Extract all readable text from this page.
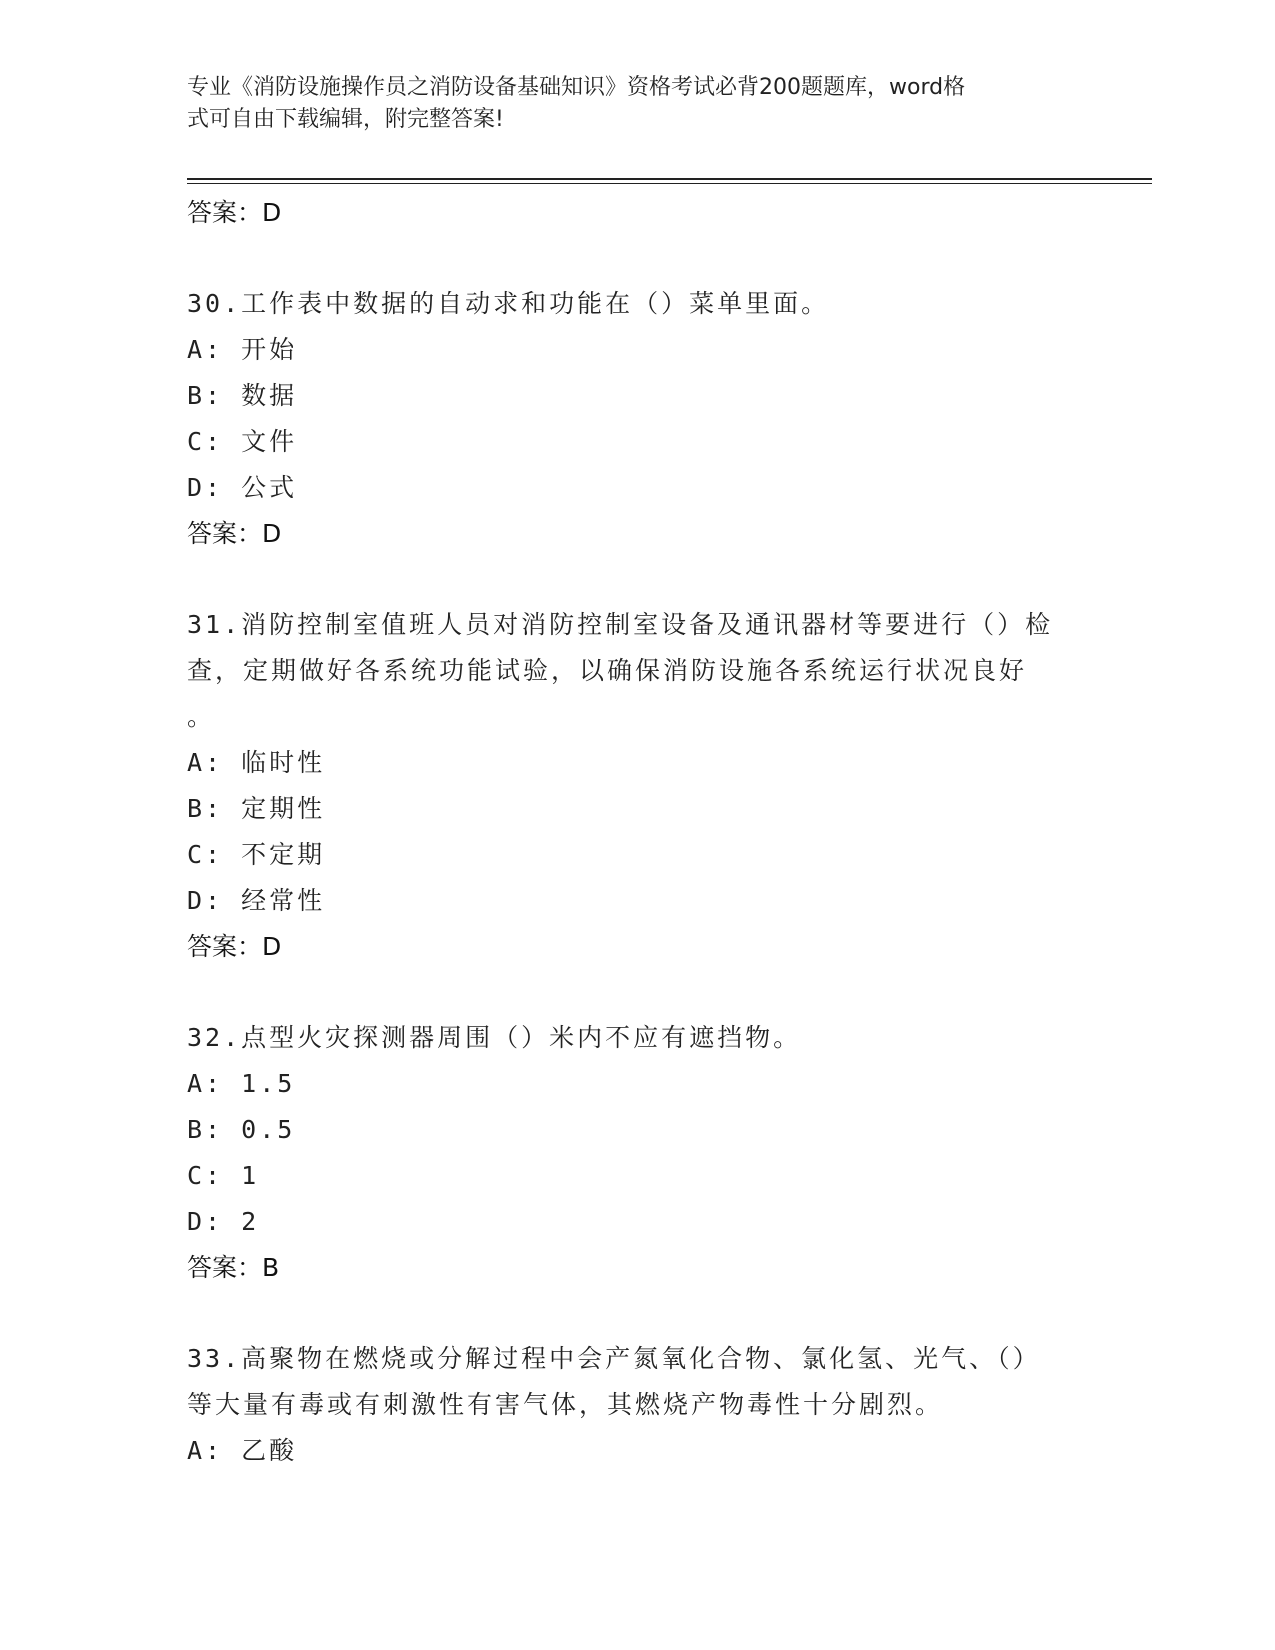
专业《消防设施操作员之消防设备基础知识》资格考试必背200题题库，word格
式可自由下载编辑，附完整答案!
答案：D
30.工作表中数据的自动求和功能在（）菜单里面。
A: 开始
B: 数据
C: 文件
D: 公式
答案：D
31.消防控制室值班人员对消防控制室设备及通讯器材等要进行（）检
查，定期做好各系统功能试验，以确保消防设施各系统运行状况良好
。
A: 临时性
B: 定期性
C: 不定期
D: 经常性
答案：D
32.点型火灾探测器周围（）米内不应有遮挡物。
A: 1.5
B: 0.5
C: 1
D: 2
答案：B
33.高聚物在燃烧或分解过程中会产氮氧化合物、氯化氢、光气、（）
等大量有毒或有刺激性有害气体，其燃烧产物毒性十分剧烈。
A: 乙酸
